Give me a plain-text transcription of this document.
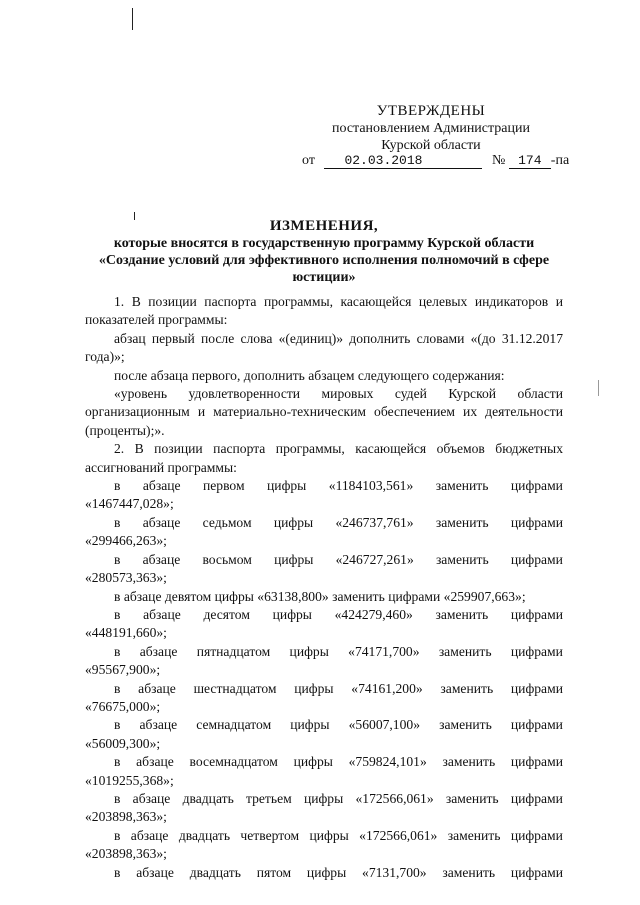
УТВЕРЖДЕНЫ
постановлением Администрации
Курской области
от 02.03.2018	№ 174 -па
ИЗМЕНЕНИЯ,
которые вносятся в государственную программу Курской области
«Создание условий для эффективного исполнения полномочий в сфере
юстиции»

1. В позиции паспорта программы, касающейся целевых индикаторов и показателей программы:

абзац первый после слова «(единиц)» дополнить словами «(до 31.12.2017 года)»;

после абзаца первого, дополнить абзацем следующего содержания:

«уровень удовлетворенности мировых судей Курской области организационным и материально-техническим обеспечением их деятельности (проценты);».

2. В позиции паспорта программы, касающейся объемов бюджетных ассигнований программы:

в абзаце первом цифры «1184103,561» заменить цифрами
«1467447,028»;
в абзаце седьмом цифры «246737,761» заменить цифрами
«299466,263»;
в абзаце восьмом цифры «246727,261» заменить цифрами
«280573,363»;

в абзаце девятом цифры «63138,800» заменить цифрами «259907,663»;

в абзаце десятом цифры «424279,460» заменить цифрами
«448191,660»;
в абзаце пятнадцатом цифры «74171,700» заменить цифрами
«95567,900»;
в абзаце шестнадцатом цифры «74161,200» заменить цифрами
«76675,000»;
в абзаце семнадцатом цифры «56007,100» заменить цифрами
«56009,300»;
в абзаце восемнадцатом цифры «759824,101» заменить цифрами
«1019255,368»;
в абзаце двадцать третьем цифры «172566,061» заменить цифрами
«203898,363»;
в абзаце двадцать четвертом цифры «172566,061» заменить цифрами
«203898,363»;
в абзаце двадцать пятом цифры «7131,700» заменить цифрами
